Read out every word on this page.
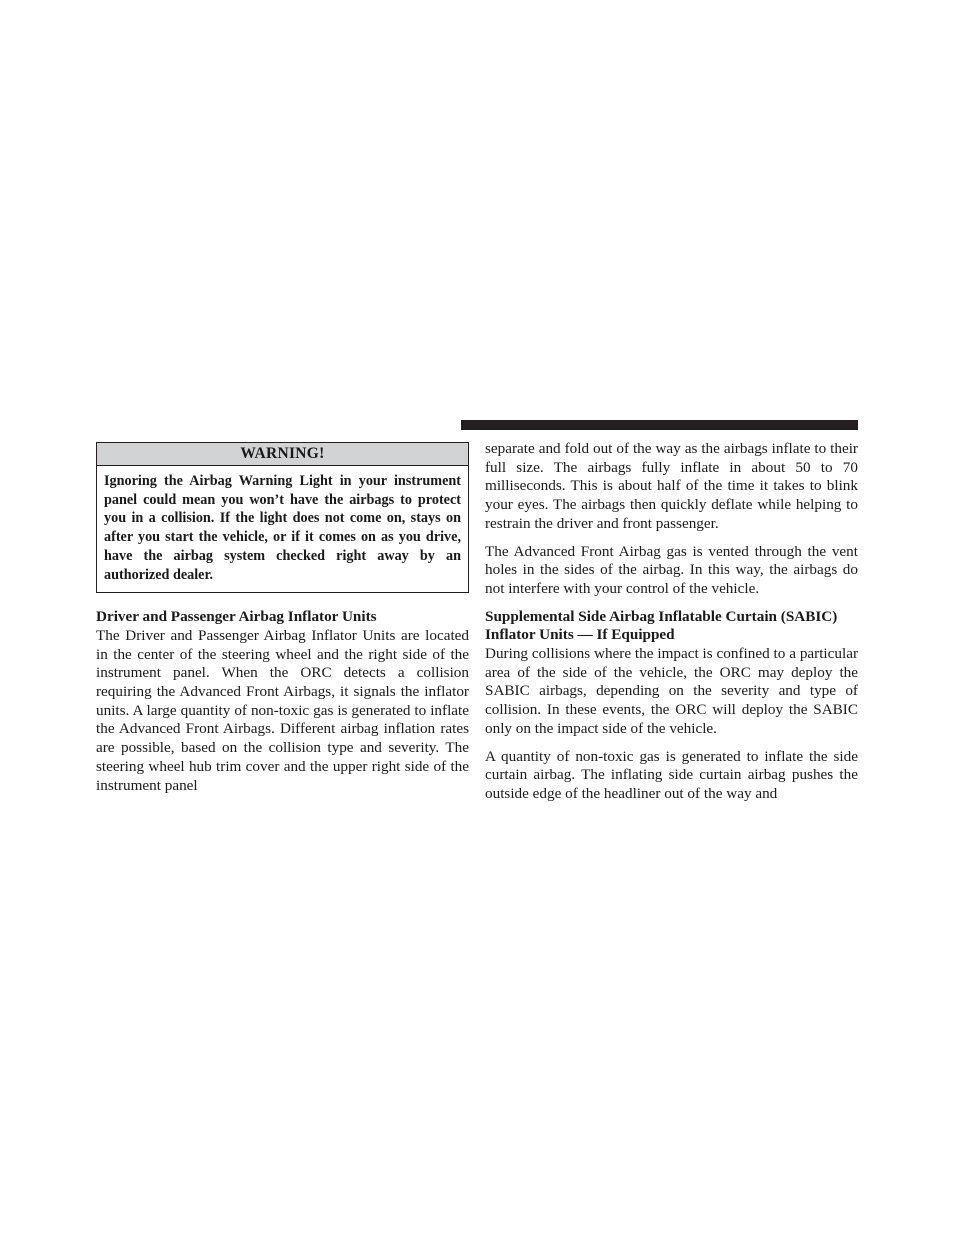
WARNING!
Ignoring the Airbag Warning Light in your instrument panel could mean you won’t have the airbags to protect you in a collision. If the light does not come on, stays on after you start the vehicle, or if it comes on as you drive, have the airbag system checked right away by an authorized dealer.
Driver and Passenger Airbag Inflator Units

The Driver and Passenger Airbag Inflator Units are located in the center of the steering wheel and the right side of the instrument panel. When the ORC detects a collision requiring the Advanced Front Airbags, it signals the inflator units. A large quantity of non-toxic gas is generated to inflate the Advanced Front Airbags. Different airbag inflation rates are possible, based on the collision type and severity. The steering wheel hub trim cover and the upper right side of the instrument panel

separate and fold out of the way as the airbags inflate to their full size. The airbags fully inflate in about 50 to 70 milliseconds. This is about half of the time it takes to blink your eyes. The airbags then quickly deflate while helping to restrain the driver and front passenger.

The Advanced Front Airbag gas is vented through the vent holes in the sides of the airbag. In this way, the airbags do not interfere with your control of the vehicle.

Supplemental Side Airbag Inflatable Curtain (SABIC) Inflator Units — If Equipped

During collisions where the impact is confined to a particular area of the side of the vehicle, the ORC may deploy the SABIC airbags, depending on the severity and type of collision. In these events, the ORC will deploy the SABIC only on the impact side of the vehicle.

A quantity of non-toxic gas is generated to inflate the side curtain airbag. The inflating side curtain airbag pushes the outside edge of the headliner out of the way and
